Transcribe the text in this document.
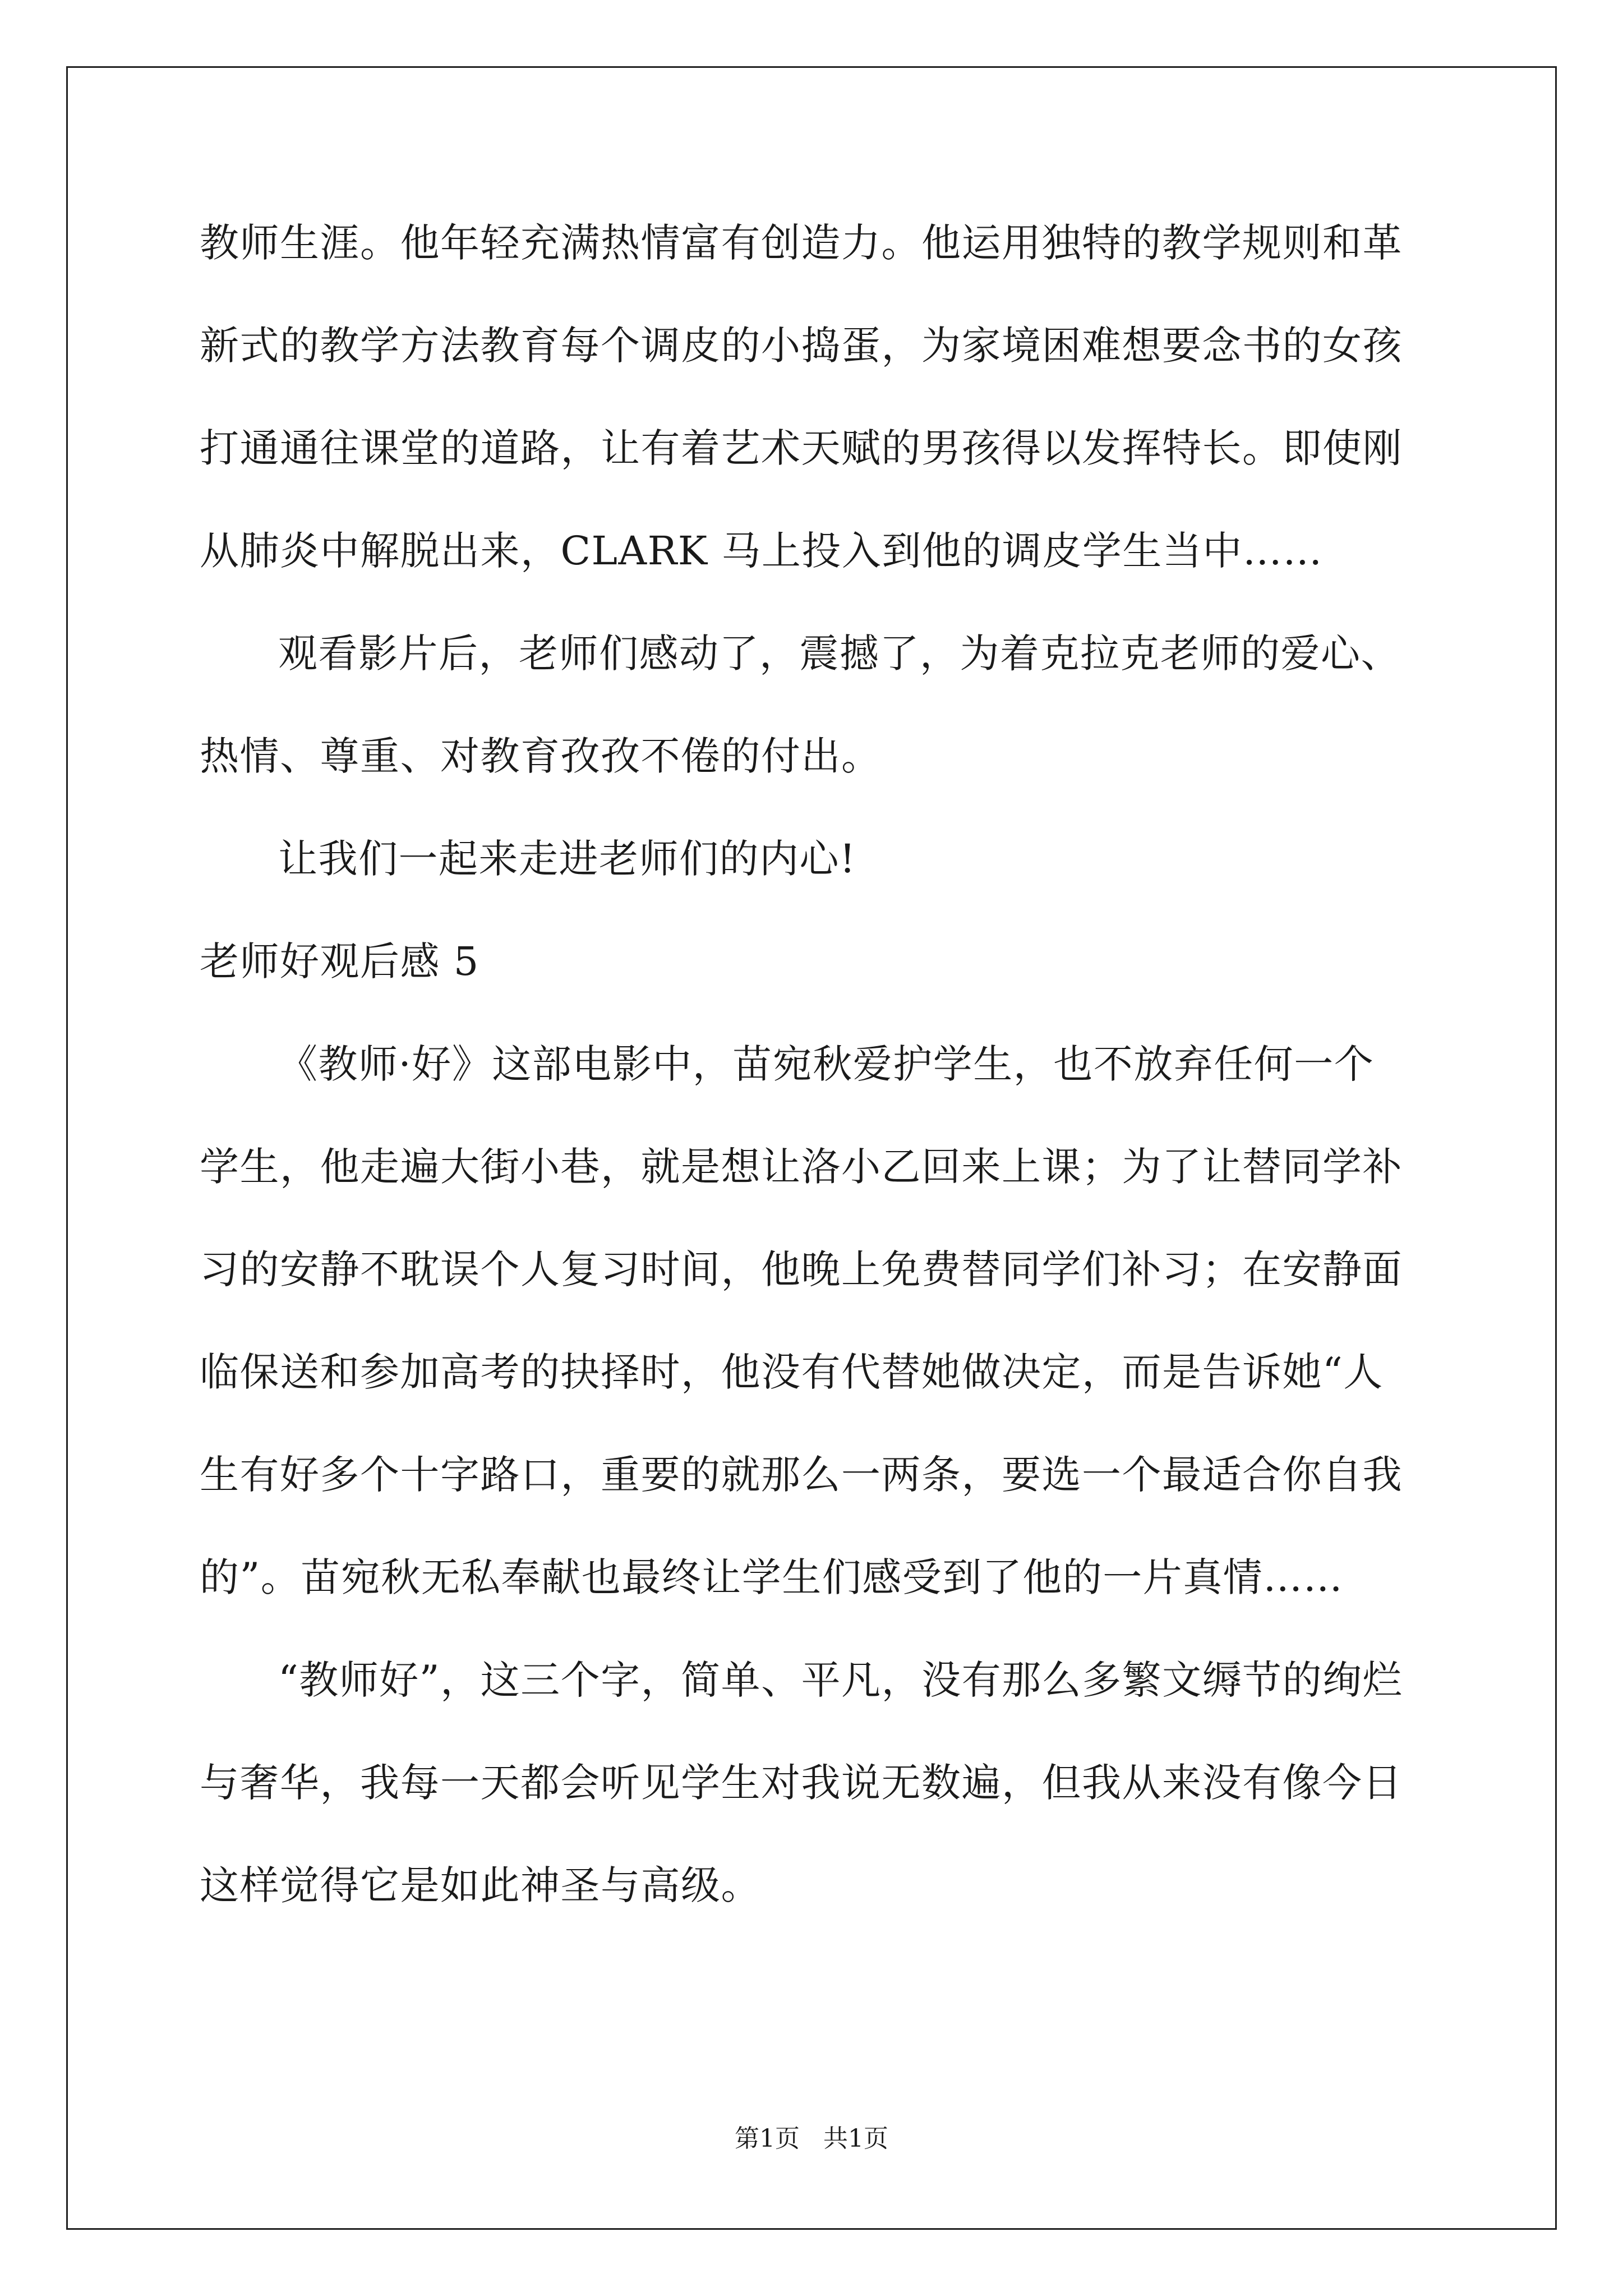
教师生涯。他年轻充满热情富有创造力。他运用独特的教学规则和革
新式的教学方法教育每个调皮的小捣蛋，为家境困难想要念书的女孩
打通通往课堂的道路，让有着艺术天赋的男孩得以发挥特长。即使刚
从肺炎中解脱出来，CLARK 马上投入到他的调皮学生当中……
观看影片后，老师们感动了，震撼了，为着克拉克老师的爱心、
热情、尊重、对教育孜孜不倦的付出。
让我们一起来走进老师们的内心!
老师好观后感 5
《教师·好》这部电影中，苗宛秋爱护学生，也不放弃任何一个
学生，他走遍大街小巷，就是想让洛小乙回来上课；为了让替同学补
习的安静不耽误个人复习时间，他晚上免费替同学们补习；在安静面
临保送和参加高考的抉择时，他没有代替她做决定，而是告诉她“人
生有好多个十字路口，重要的就那么一两条，要选一个最适合你自我
的”。苗宛秋无私奉献也最终让学生们感受到了他的一片真情……
“教师好”，这三个字，简单、平凡，没有那么多繁文缛节的绚烂
与奢华，我每一天都会听见学生对我说无数遍，但我从来没有像今日
这样觉得它是如此神圣与高级。
第1页   共1页
